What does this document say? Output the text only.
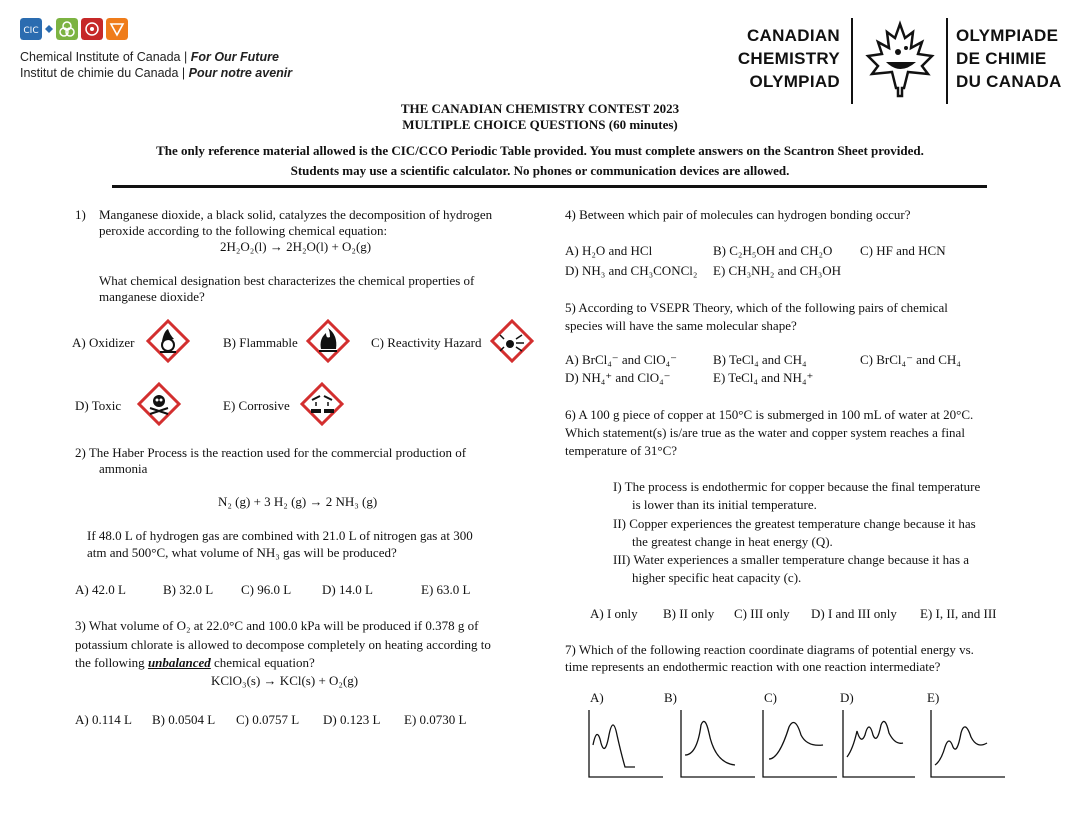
CIC
Chemical Institute of Canada | For Our Future
Institut de chimie du Canada | Pour notre avenir
CANADIAN
CHEMISTRY
OLYMPIAD
OLYMPIADE
DE CHIMIE
DU CANADA
THE CANADIAN CHEMISTRY CONTEST 2023
MULTIPLE CHOICE QUESTIONS (60 minutes)
The only reference material allowed is the CIC/CCO Periodic Table provided. You must complete answers on the Scantron Sheet provided.
Students may use a scientific calculator. No phones or communication devices are allowed.
1) Manganese dioxide, a black solid, catalyzes the decomposition of hydrogen
peroxide according to the following chemical equation:
2H₂O₂(l) → 2H₂O(l) + O₂(g)
What chemical designation best characterizes the chemical properties of
manganese dioxide?
A) Oxidizer	B) Flammable	C) Reactivity Hazard
D) Toxic	E) Corrosive
2) The Haber Process is the reaction used for the commercial production of
ammonia
N₂ (g) + 3 H₂ (g) → 2 NH₃ (g)
If 48.0 L of hydrogen gas are combined with 21.0 L of nitrogen gas at 300
atm and 500°C, what volume of NH₃ gas will be produced?
A) 42.0 L	B) 32.0 L C) 96.0 L D) 14.0 L	E) 63.0 L
3) What volume of O₂ at 22.0°C and 100.0 kPa will be produced if 0.378 g of
potassium chlorate is allowed to decompose completely on heating according to
the following unbalanced chemical equation?
KClO₃(s) → KCl(s) + O₂(g)
A) 0.114 L B) 0.0504 L C) 0.0757 L D) 0.123 L E) 0.0730 L
4) Between which pair of molecules can hydrogen bonding occur?
A) H₂O and HCl	B) C₂H₅OH and CH₂O C) HF and HCN
D) NH₃ and CH₃CONCl₂ E) CH₃NH₂ and CH₃OH
5) According to VSEPR Theory, which of the following pairs of chemical
species will have the same molecular shape?
A) BrCl₄⁻ and ClO₄⁻	B) TeCl₄ and CH₄	C) BrCl₄⁻ and CH₄
D) NH₄⁺ and ClO₄⁻	E) TeCl₄ and NH₄⁺
6) A 100 g piece of copper at 150°C is submerged in 100 mL of water at 20°C.
Which statement(s) is/are true as the water and copper system reaches a final
temperature of 31°C?
I) The process is endothermic for copper because the final temperature
is lower than its initial temperature.
II) Copper experiences the greatest temperature change because it has
the greatest change in heat energy (Q).
III) Water experiences a smaller temperature change because it has a
higher specific heat capacity (c).
A) I only B) II only C) III only D) I and III only E) I, II, and III
7) Which of the following reaction coordinate diagrams of potential energy vs.
time represents an endothermic reaction with one reaction intermediate?
A)	B)	C)	D)	E)
